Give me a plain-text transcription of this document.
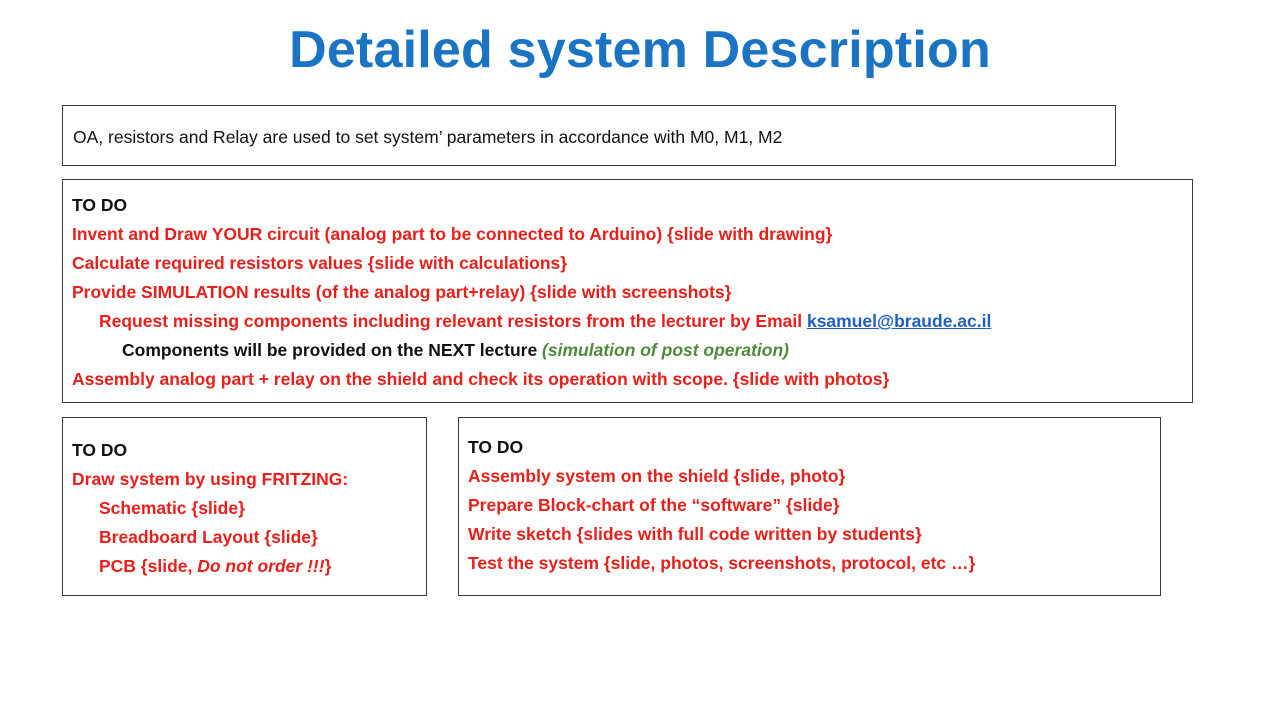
Detailed system Description
OA, resistors and Relay are used to set system’ parameters in accordance with M0, M1, M2
TO DO
Invent and Draw YOUR circuit (analog part to be connected to Arduino) {slide with drawing}
Calculate required resistors values {slide with calculations}
Provide SIMULATION results (of the analog part+relay) {slide with screenshots}
Request missing components including relevant resistors from the lecturer by Email ksamuel@braude.ac.il
Components will be provided on the NEXT lecture (simulation of post operation)
Assembly analog part + relay on the shield and check its operation with scope. {slide with photos}
TO DO
Draw system by using FRITZING:
Schematic {slide}
Breadboard Layout {slide}
PCB {slide, Do not order !!!}
TO DO
Assembly system on the shield {slide, photo}
Prepare Block-chart of the “software” {slide}
Write sketch {slides with full code written by students}
Test the system {slide, photos, screenshots, protocol, etc …}
